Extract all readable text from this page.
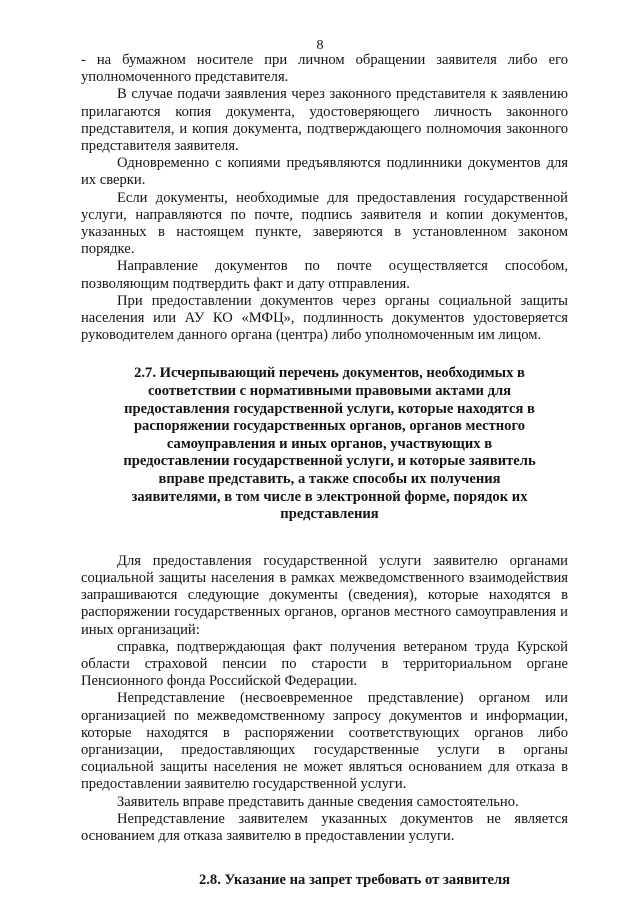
8

- на бумажном носителе при личном обращении заявителя либо его уполномоченного представителя.

В случае подачи заявления через законного представителя к заявлению прилагаются копия документа, удостоверяющего личность законного представителя, и копия документа, подтверждающего полномочия законного представителя заявителя.

Одновременно с копиями предъявляются подлинники документов для их сверки.

Если документы, необходимые для предоставления государственной услуги, направляются по почте, подпись заявителя и копии документов, указанных в настоящем пункте, заверяются в установленном законом порядке.

Направление документов по почте осуществляется способом, позволяющим подтвердить факт и дату отправления.

При предоставлении документов через органы социальной защиты населения или АУ КО «МФЦ», подлинность документов удостоверяется руководителем данного органа (центра) либо уполномоченным им лицом.

2.7. Исчерпывающий перечень документов, необходимых в соответствии с нормативными правовыми актами для предоставления государственной услуги, которые находятся в распоряжении государственных органов, органов местного самоуправления и иных органов, участвующих в предоставлении государственной услуги, и которые заявитель вправе представить, а также способы их получения заявителями, в том числе в электронной форме, порядок их представления

Для предоставления государственной услуги заявителю органами социальной защиты населения в рамках межведомственного взаимодействия запрашиваются следующие документы (сведения), которые находятся в распоряжении государственных органов, органов местного самоуправления и иных организаций:

справка, подтверждающая факт получения ветераном труда Курской области страховой пенсии по старости в территориальном органе Пенсионного фонда Российской Федерации.

Непредставление (несвоевременное представление) органом или организацией по межведомственному запросу документов и информации, которые находятся в распоряжении соответствующих органов либо организации, предоставляющих государственные услуги в органы социальной защиты населения не может являться основанием для отказа в предоставлении заявителю государственной услуги.

Заявитель вправе представить данные сведения самостоятельно.

Непредставление заявителем указанных документов не является основанием для отказа заявителю в предоставлении услуги.

2.8. Указание на запрет требовать от заявителя
